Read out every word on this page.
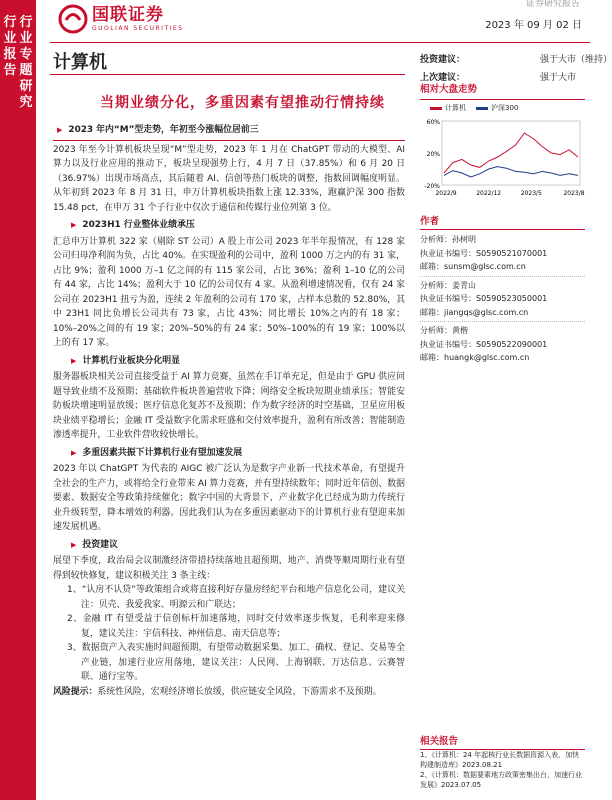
行业报告
行业专题研究
国联证券
GUOLIAN SECURITIES
证券研究报告
2023 年 09 月 02 日
计算机	投资建议：	强于大市（维持）
上次建议：	强于大市
当期业绩分化，多重因素有望推动行情持续
▶ 2023 年内“M”型走势，年初至今涨幅位居前三

2023 年至今计算机板块呈现“M”型走势，2023 年 1 月在 ChatGPT 带动的大模型、AI 算力以及行业应用的推动下，板块呈现强势上行，4 月 7 日（37.85%）和 6 月 20 日（36.97%）出现市场高点，其后随着 AI、信创等热门板块的调整，指数回调幅度明显。从年初到 2023 年 8 月 31 日，申万计算机板块指数上涨 12.33%，跑赢沪深 300 指数 15.48 pct，在申万 31 个子行业中仅次于通信和传媒行业位列第 3 位。

▶ 2023H1 行业整体业绩承压

汇总申万计算机 322 家（剔除 ST 公司）A 股上市公司 2023 年半年报情况，有 128 家公司归母净利润为负，占比 40%。在实现盈利的公司中，盈利 1000 万之内的有 31 家，占比 9%；盈利 1000 万–1 亿之间的有 115 家公司，占比 36%；盈利 1–10 亿的公司有 44 家，占比 14%；盈利大于 10 亿的公司仅有 4 家。从盈利增速情况看，仅有 24 家公司在 2023H1 扭亏为盈，连续 2 年盈利的公司有 170 家，占样本总数的 52.80%，其中 23H1 同比负增长公司共有 73 家，占比 43%；同比增长 10%之内的有 18 家；10%–20%之间的有 19 家；20%–50%的有 24 家；50%–100%的有 19 家；100%以上的有 17 家。

▶ 计算机行业板块分化明显

服务器板块相关公司直接受益于 AI 算力竞赛，虽然在手订单充足，但是由于 GPU 供应问题导致业绩不及预期；基础软件板块普遍营收下降；网络安全板块短期业绩承压；智能安防板块增速明显放缓；医疗信息化复苏不及预期；作为数字经济的时空基础，卫星应用板块业绩平稳增长；金融 IT 受益数字化需求旺盛和交付效率提升，盈利有所改善；智能制造渗透率提升，工业软件营收较快增长。

▶ 多重因素共振下计算机行业有望加速发展

2023 年以 ChatGPT 为代表的 AIGC 被广泛认为是数字产业新一代技术革命，有望提升全社会的生产力，或将给全行业带来 AI 算力竞赛，并有望持续数年；同时近年信创、数据要素、数据安全等政策持续催化；数字中国的大背景下，产业数字化已经成为助力传统行业升级转型，降本增效的利器。因此我们认为在多重因素驱动下的计算机行业有望迎来加速发展机遇。

▶ 投资建议

展望下季度，政治局会议制激经济带措持续落地且超预期，地产、消费等顺周期行业有望得到较快修复，建议积极关注 3 条主线：

1、“认房不认贷”等政策组合或将直接利好存量房经纪平台和地产信息化公司，建议关注：贝壳、我爱我家、明源云和广联达；

2、金融 IT 有望受益于信创标杆加速落地，同时交付效率逐步恢复，毛利率迎来修复，建议关注：宇信科技、神州信息、南天信息等；

3、数据资产入表实施时间超预期，有望带动数据采集、加工、确权、登记、交易等全产业链，加速行业应用落地，建议关注：人民网、上海钢联、万达信息、云赛智联、通行宝等。

风险提示：系统性风险，宏观经济增长放缓，供应链安全风险，下游需求不及预期。

相对大盘走势
计算机	沪深300
60%
20%
-20%
2022/9	2022/12	2023/5	2023/8
作者
分析师：孙树明
执业证书编号：S0590521070001
邮箱：sunsm@glsc.com.cn
分析师：姜青山
执业证书编号：S0590523050001
邮箱：jiangqs@glsc.com.cn
分析师：黄楷
执业证书编号：S0590522090001
邮箱：huangk@glsc.com.cn
相关报告
1、《计算机：24 年起核行业长数据资源入表，加快构建制造库》2023.08.21
2、《计算机：数据要素地方政策密集出台，加速行业发展》2023.07.05
